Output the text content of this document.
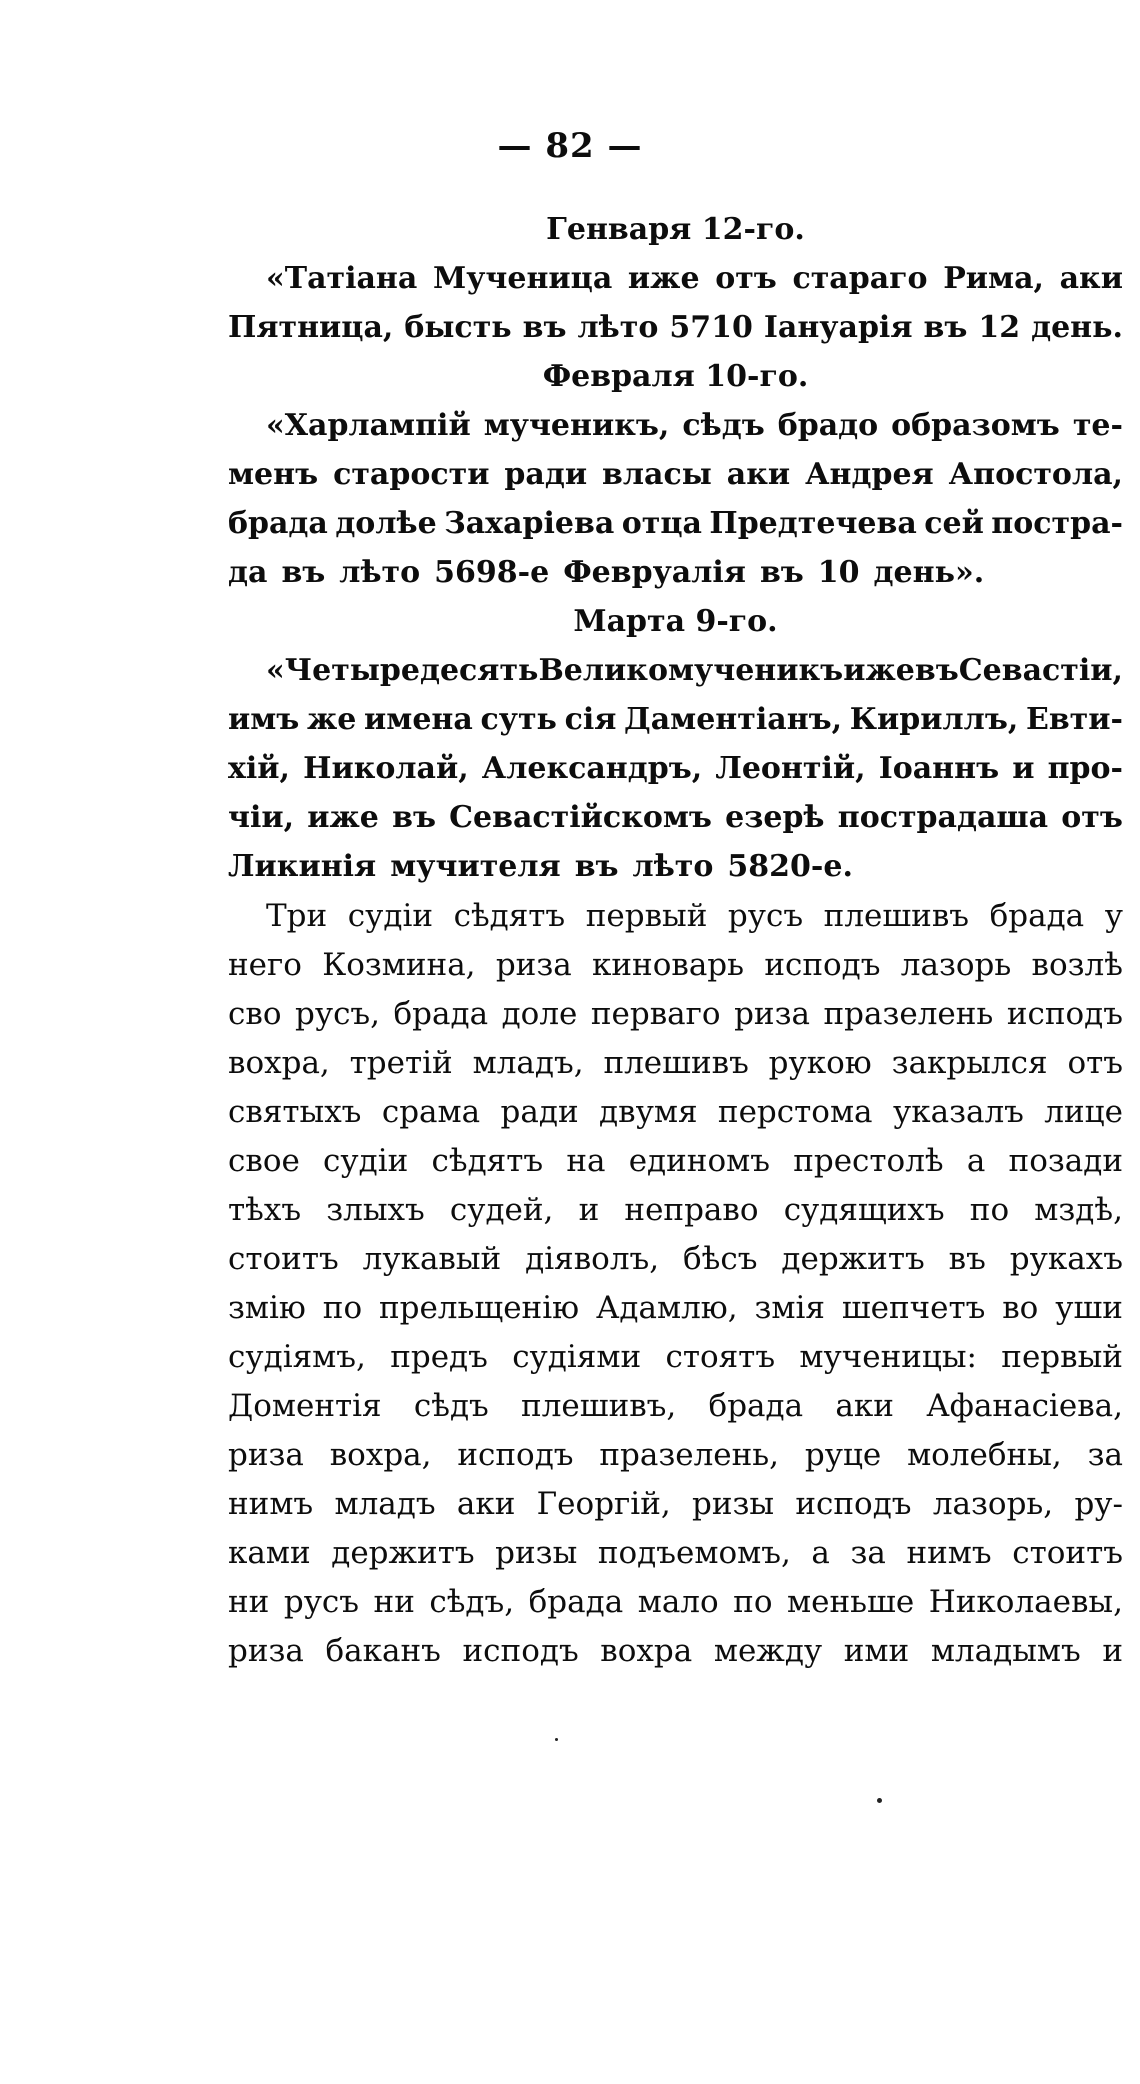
— 82 —
Генваря 12-го.
«Татіана Мученица иже отъ стараго Рима, аки
Пятница, бысть въ лѣто 5710 Іануарія въ 12 день.
Февраля 10-го.
«Харлампій мученикъ, сѣдъ брадо образомъ те-
менъ старости ради власы аки Андрея Апостола,
брада долѣе Захаріева отца Предтечева сей постра-
да въ лѣто 5698-е Февруалія въ 10 день».
Марта 9-го.
«Четыредесять Великомученикъ иже въ Севастіи,
имъ же имена суть сія Даментіанъ, Кириллъ, Евти-
хій, Николай, Александръ, Леонтій, Іоаннъ и про-
чіи, иже въ Севастійскомъ езерѣ пострадаша отъ
Ликинія мучителя въ лѣто 5820-е.
Три судіи сѣдятъ первый русъ плешивъ брада у
него Козмина, риза киноварь исподъ лазорь возлѣ
сво русъ, брада доле перваго риза празелень исподъ
вохра, третій младъ, плешивъ рукою закрылся отъ
святыхъ срама ради двумя перстома указалъ лице
свое судіи сѣдятъ на единомъ престолѣ а позади
тѣхъ злыхъ судей, и неправо судящихъ по мздѣ,
стоитъ лукавый діяволъ, бѣсъ держитъ въ рукахъ
змію по прельщенію Адамлю, змія шепчетъ во уши
судіямъ, предъ судіями стоятъ мученицы: первый
Доментія сѣдъ плешивъ, брада аки Афанасіева,
риза вохра, исподъ празелень, руце молебны, за
нимъ младъ аки Георгій, ризы исподъ лазорь, ру-
ками держитъ ризы подъемомъ, а за нимъ стоитъ
ни русъ ни сѣдъ, брада мало по меньше Николаевы,
риза баканъ исподъ вохра между ими младымъ и
